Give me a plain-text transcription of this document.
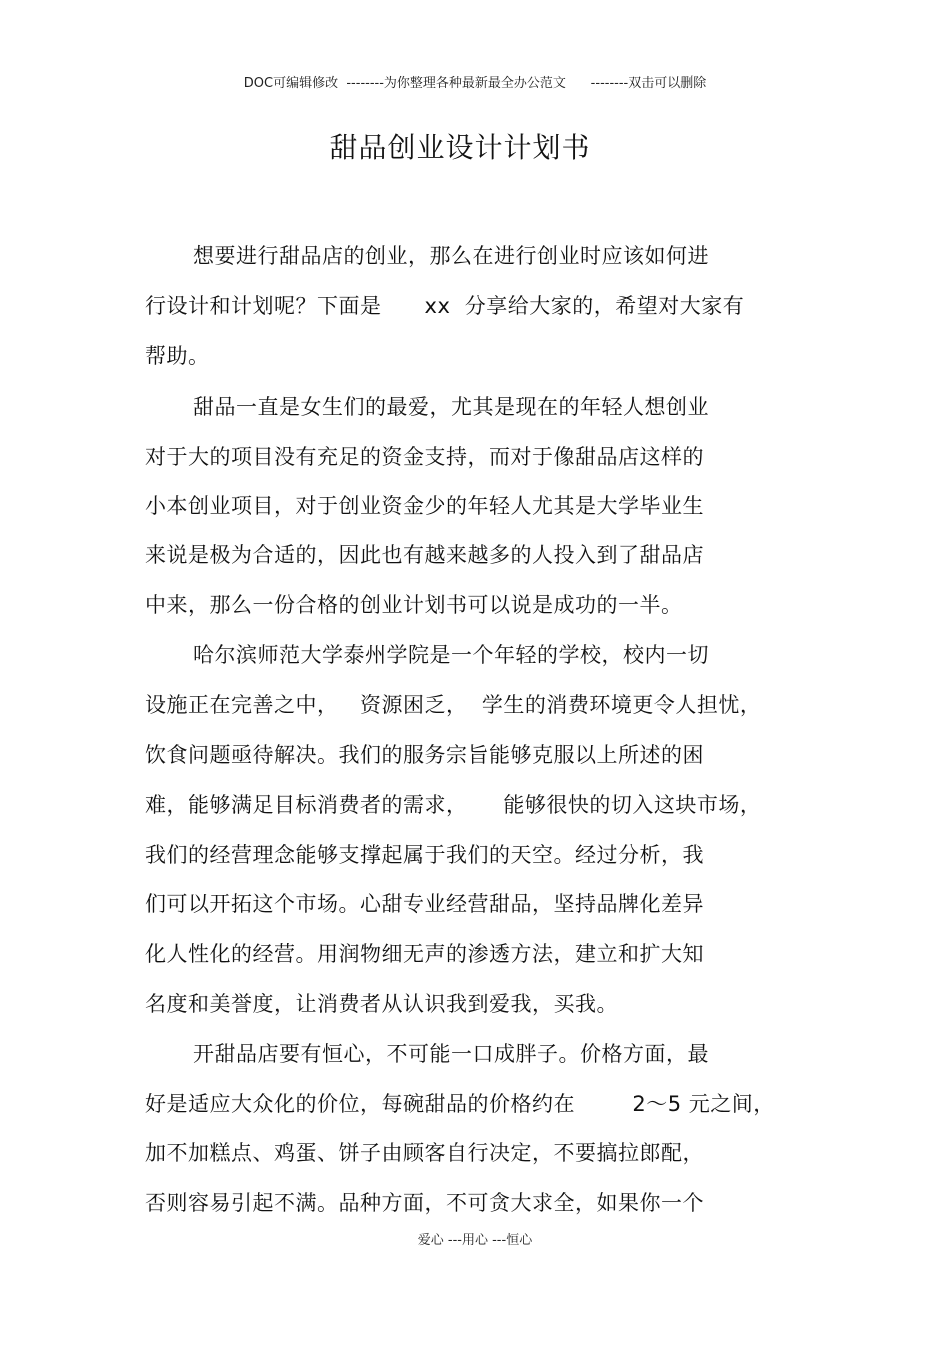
DOC可编辑修改  --------为你整理各种最新最全办公范文      --------双击可以删除
甜品创业设计计划书
想要进行甜品店的创业，那么在进行创业时应该如何进
行设计和计划呢？下面是      xx  分享给大家的，希望对大家有
帮助。
甜品一直是女生们的最爱，尤其是现在的年轻人想创业
对于大的项目没有充足的资金支持，而对于像甜品店这样的
小本创业项目，对于创业资金少的年轻人尤其是大学毕业生
来说是极为合适的，因此也有越来越多的人投入到了甜品店
中来，那么一份合格的创业计划书可以说是成功的一半。
哈尔滨师范大学泰州学院是一个年轻的学校，校内一切
设施正在完善之中，   资源困乏，  学生的消费环境更令人担忧，
饮食问题亟待解决。我们的服务宗旨能够克服以上所述的困
难，能够满足目标消费者的需求，     能够很快的切入这块市场，
我们的经营理念能够支撑起属于我们的天空。经过分析，我
们可以开拓这个市场。心甜专业经营甜品，坚持品牌化差异
化人性化的经营。用润物细无声的渗透方法，建立和扩大知
名度和美誉度，让消费者从认识我到爱我，买我。
开甜品店要有恒心，不可能一口成胖子。价格方面，最
好是适应大众化的价位，每碗甜品的价格约在        2～5 元之间，
加不加糕点、鸡蛋、饼子由顾客自行决定，不要搞拉郎配，
否则容易引起不满。品种方面，不可贪大求全，如果你一个
爱心 ---用心 ---恒心
